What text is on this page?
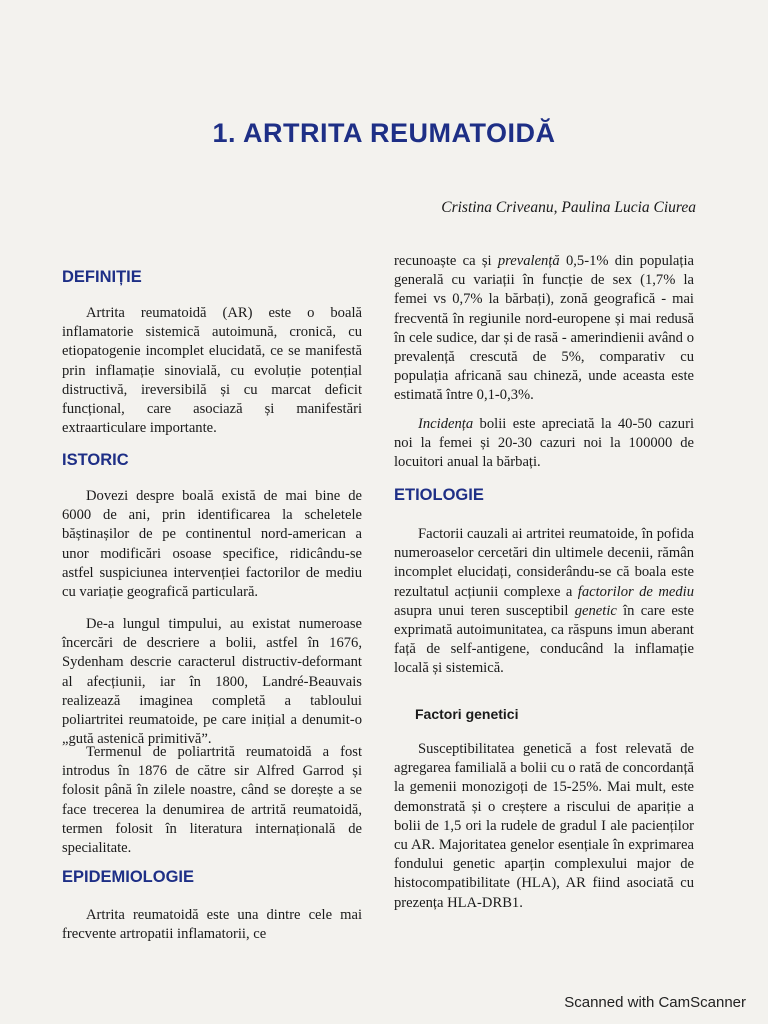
1. ARTRITA REUMATOIDĂ
Cristina Criveanu, Paulina Lucia Ciurea
DEFINIȚIE

Artrita reumatoidă (AR) este o boală inflamatorie sistemică autoimună, cronică, cu etiopatogenie incomplet elucidată, ce se manifestă prin inflamație sinovială, cu evoluție potențial distructivă, ireversibilă și cu marcat deficit funcțional, care asociază și manifestări extraarticulare importante.

ISTORIC

Dovezi despre boală există de mai bine de 6000 de ani, prin identificarea la scheletele băștinașilor de pe continentul nord-american a unor modificări osoase specifice, ridicându-se astfel suspiciunea intervenției factorilor de mediu cu variație geografică particulară.

De-a lungul timpului, au existat numeroase încercări de descriere a bolii, astfel în 1676, Sydenham descrie caracterul distructiv-deformant al afecțiunii, iar în 1800, Landré-Beauvais realizează imaginea completă a tabloului poliartritei reumatoide, pe care inițial a denumit-o „gută astenică primitivă”.

Termenul de poliartrită reumatoidă a fost introdus în 1876 de către sir Alfred Garrod și folosit până în zilele noastre, când se dorește a se face trecerea la denumirea de artrită reumatoidă, termen folosit în literatura internațională de specialitate.

EPIDEMIOLOGIE

Artrita reumatoidă este una dintre cele mai frecvente artropatii inflamatorii, ce

recunoaște ca și prevalență 0,5-1% din populația generală cu variații în funcție de sex (1,7% la femei vs 0,7% la bărbați), zonă geografică - mai frecventă în regiunile nord-europene și mai redusă în cele sudice, dar și de rasă - amerindienii având o prevalență crescută de 5%, comparativ cu populația africană sau chineză, unde aceasta este estimată între 0,1-0,3%.

Incidența bolii este apreciată la 40-50 cazuri noi la femei și 20-30 cazuri noi la 100000 de locuitori anual la bărbați.

ETIOLOGIE

Factorii cauzali ai artritei reumatoide, în pofida numeroaselor cercetări din ultimele decenii, rămân incomplet elucidați, considerându-se că boala este rezultatul acțiunii complexe a factorilor de mediu asupra unui teren susceptibil genetic în care este exprimată autoimunitatea, ca răspuns imun aberant față de self-antigene, conducând la inflamație locală și sistemică.

Factori genetici

Susceptibilitatea genetică a fost relevată de agregarea familială a bolii cu o rată de concordanță la gemenii monozigoți de 15-25%. Mai mult, este demonstrată și o creștere a riscului de apariție a bolii de 1,5 ori la rudele de gradul I ale pacienților cu AR. Majoritatea genelor esențiale în exprimarea fondului genetic aparțin complexului major de histocompatibilitate (HLA), AR fiind asociată cu prezența HLA-DRB1.

Scanned with CamScanner
